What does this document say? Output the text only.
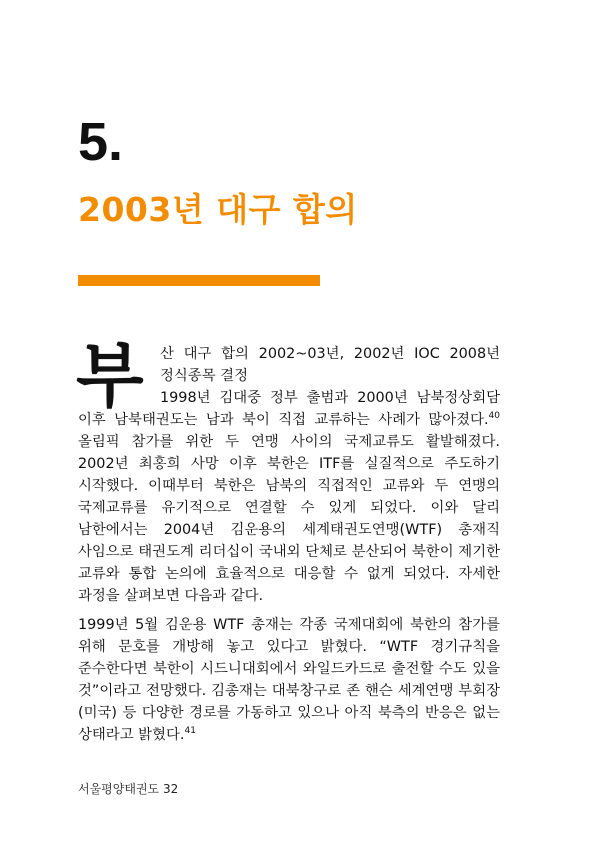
5.
2003년 대구 합의

부	산 대구 합의 2002~03년, 2002년 IOC 2008년 정식종목 결정
1998년 김대중 정부 출범과 2000년 남북정상회담 이후 남북태권도는 남과 북이 직접 교류하는 사례가 많아졌다.$^{40}$ 올림픽 참가를 위한 두 연맹 사이의 국제교류도 활발해졌다. 2002년 최홍희 사망 이후 북한은 ITF를 실질적으로 주도하기 시작했다. 이때부터 북한은 남북의 직접적인 교류와 두 연맹의 국제교류를 유기적으로 연결할 수 있게 되었다. 이와 달리 남한에서는 2004년 김운용의 세계태권도연맹(WTF) 총재직 사임으로 태권도계 리더십이 국내외 단체로 분산되어 북한이 제기한 교류와 통합 논의에 효율적으로 대응할 수 없게 되었다. 자세한 과정을 살펴보면 다음과 같다.

1999년 5월 김운용 WTF 총재는 각종 국제대회에 북한의 참가를 위해 문호를 개방해 놓고 있다고 밝혔다. “WTF 경기규칙을 준수한다면 북한이 시드니대회에서 와일드카드로 출전할 수도 있을 것”이라고 전망했다. 김총재는 대북창구로 존 핸슨 세계연맹 부회장(미국) 등 다양한 경로를 가동하고 있으나 아직 북측의 반응은 없는 상태라고 밝혔다.$^{41}$

서울평양태권도 32
